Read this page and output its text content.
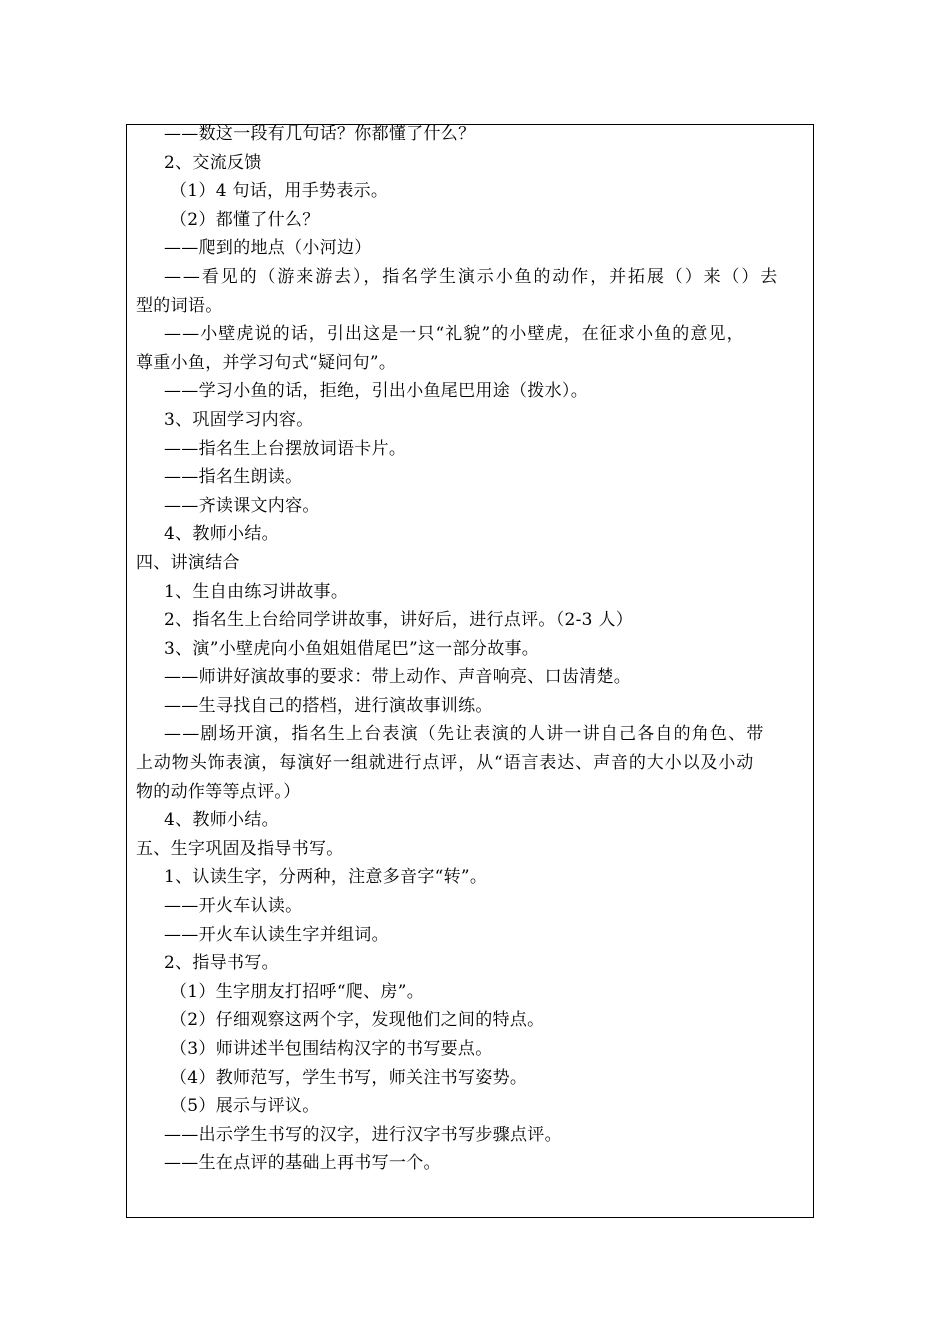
——数这一段有几句话？你都懂了什么？
2、交流反馈
（1）4 句话，用手势表示。
（2）都懂了什么？
——爬到的地点（小河边）
——看见的（游来游去），指名学生演示小鱼的动作，并拓展（）来（）去
型的词语。
——小壁虎说的话，引出这是一只“礼貌”的小壁虎，在征求小鱼的意见，
尊重小鱼，并学习句式“疑问句”。
——学习小鱼的话，拒绝，引出小鱼尾巴用途（拨水）。
3、巩固学习内容。
——指名生上台摆放词语卡片。
——指名生朗读。
——齐读课文内容。
4、教师小结。
四、讲演结合
1、生自由练习讲故事。
2、指名生上台给同学讲故事，讲好后，进行点评。（2-3 人）
3、演”小壁虎向小鱼姐姐借尾巴”这一部分故事。
——师讲好演故事的要求：带上动作、声音响亮、口齿清楚。
——生寻找自己的搭档，进行演故事训练。
——剧场开演，指名生上台表演（先让表演的人讲一讲自己各自的角色、带
上动物头饰表演，每演好一组就进行点评，从“语言表达、声音的大小以及小动
物的动作等等点评。）
4、教师小结。
五、生字巩固及指导书写。
1、认读生字，分两种，注意多音字“转”。
——开火车认读。
——开火车认读生字并组词。
2、指导书写。
（1）生字朋友打招呼“爬、房”。
（2）仔细观察这两个字，发现他们之间的特点。
（3）师讲述半包围结构汉字的书写要点。
（4）教师范写，学生书写，师关注书写姿势。
（5）展示与评议。
——出示学生书写的汉字，进行汉字书写步骤点评。
——生在点评的基础上再书写一个。
